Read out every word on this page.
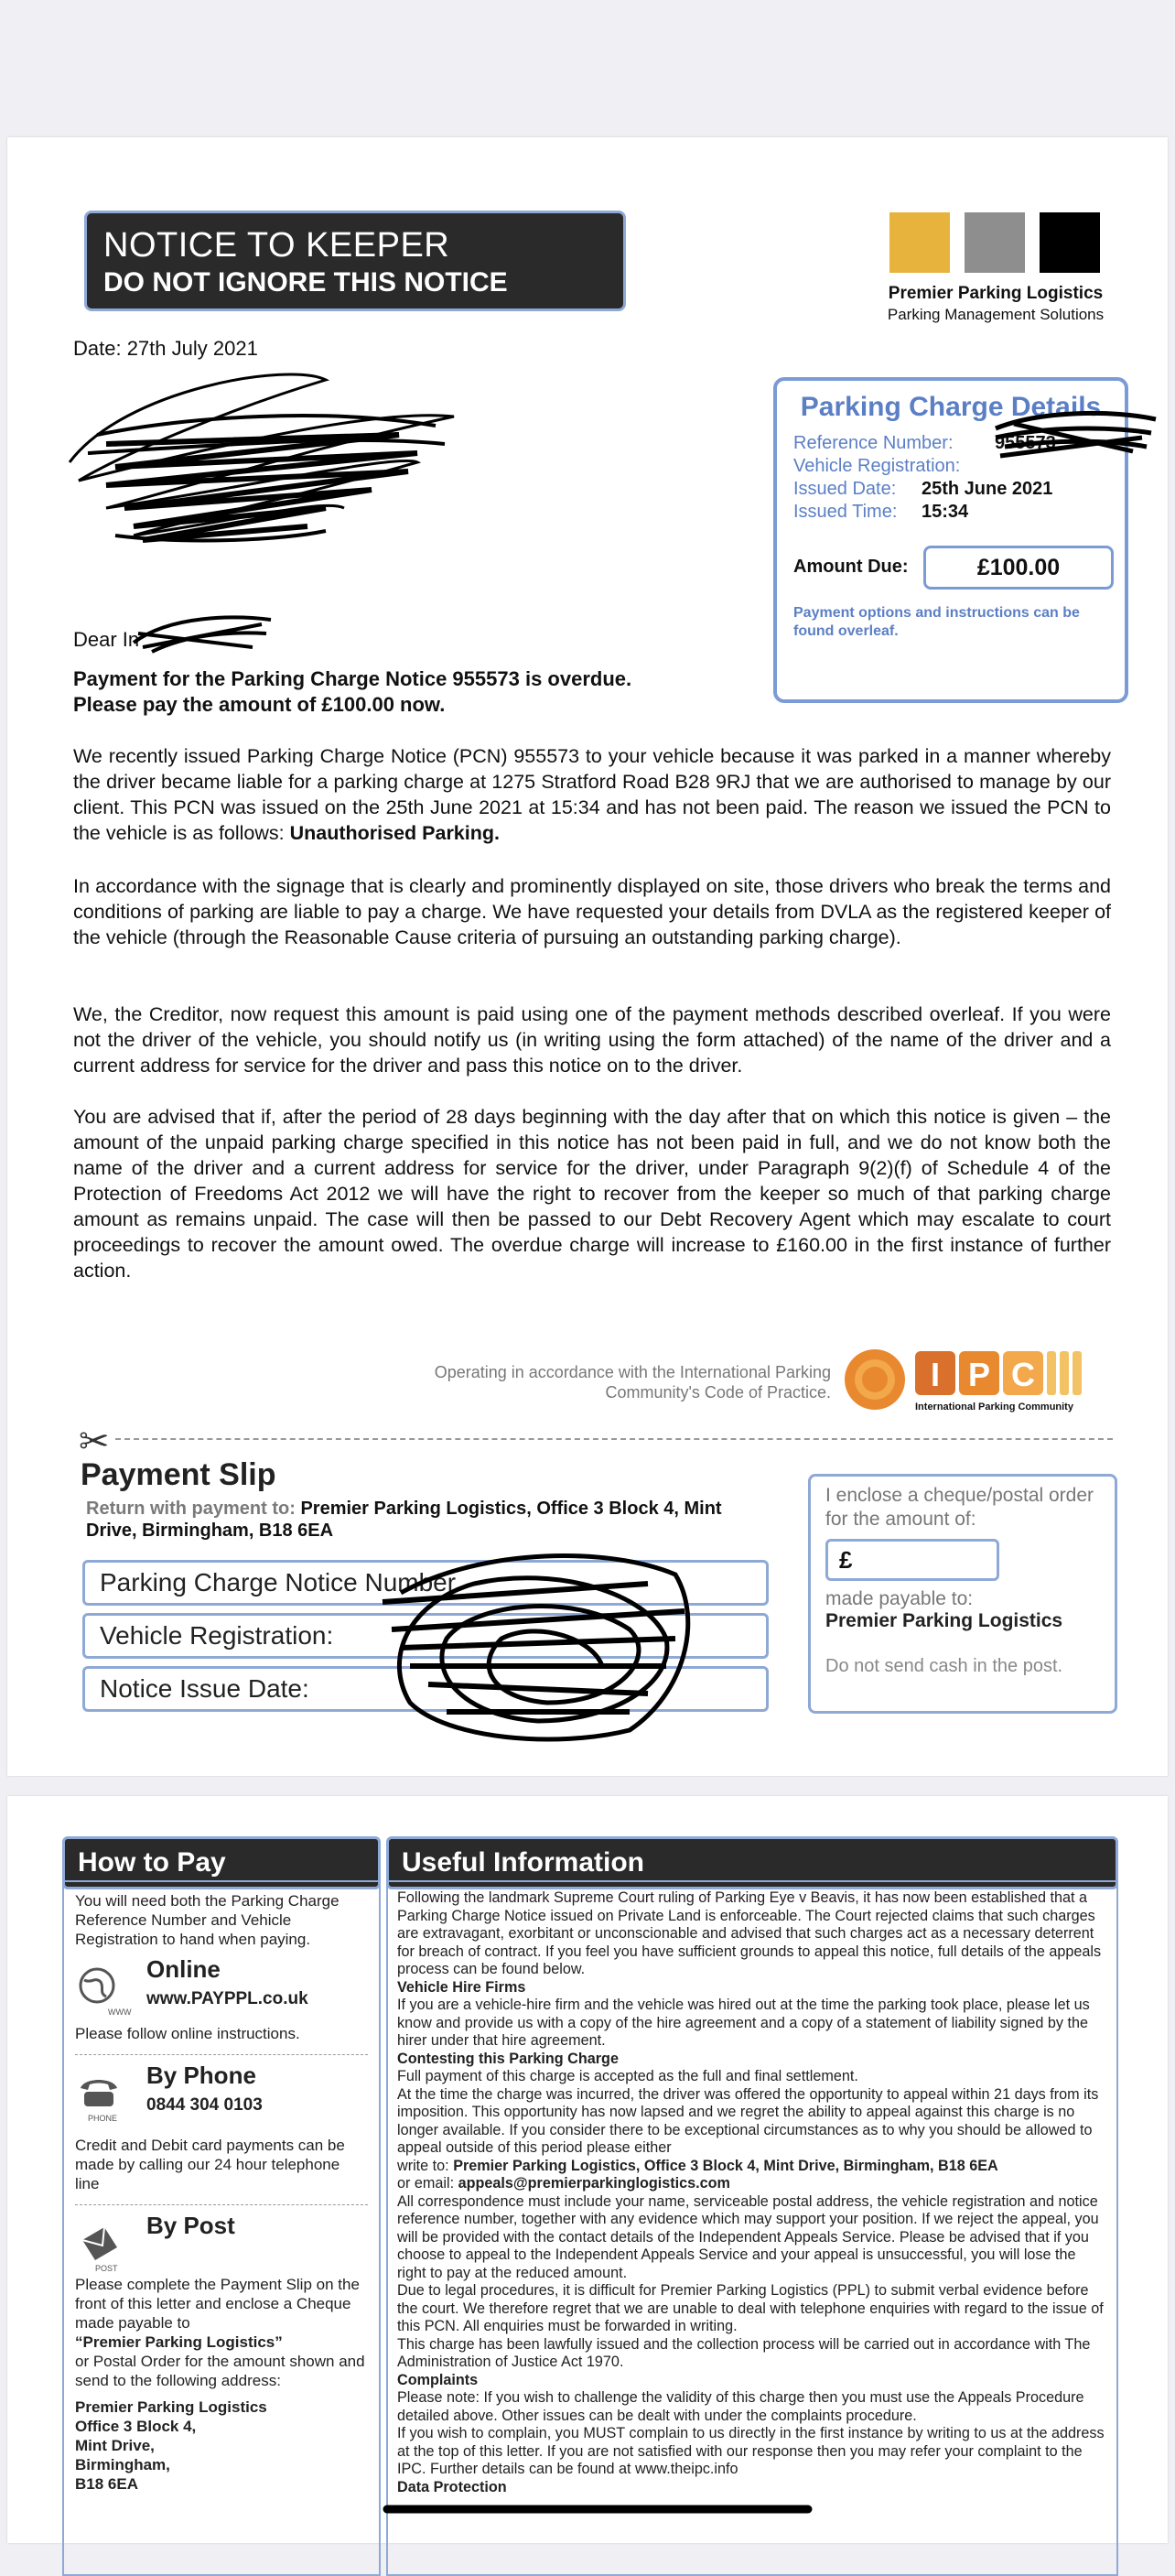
NOTICE TO KEEPER
DO NOT IGNORE THIS NOTICE	Premier Parking Logistics
Parking Management Solutions
Date: 27th July 2021
Parking Charge Details
Reference Number: 955573
Vehicle Registration:
Issued Date: 25th June 2021
Issued Time: 15:34
Amount Due:	£100.00
Payment options and instructions can be found overleaf.
Dear In
Payment for the Parking Charge Notice 955573 is overdue.
Please pay the amount of £100.00 now.
We recently issued Parking Charge Notice (PCN) 955573 to your vehicle because it was parked in a manner whereby the driver became liable for a parking charge at 1275 Stratford Road B28 9RJ that we are authorised to manage by our client. This PCN was issued on the 25th June 2021 at 15:34 and has not been paid. The reason we issued the PCN to the vehicle is as follows: Unauthorised Parking.
In accordance with the signage that is clearly and prominently displayed on site, those drivers who break the terms and conditions of parking are liable to pay a charge. We have requested your details from DVLA as the registered keeper of the vehicle (through the Reasonable Cause criteria of pursuing an outstanding parking charge).
We, the Creditor, now request this amount is paid using one of the payment methods described overleaf. If you were not the driver of the vehicle, you should notify us (in writing using the form attached) of the name of the driver and a current address for service for the driver and pass this notice on to the driver.
You are advised that if, after the period of 28 days beginning with the day after that on which this notice is given – the amount of the unpaid parking charge specified in this notice has not been paid in full, and we do not know both the name of the driver and a current address for service for the driver, under Paragraph 9(2)(f) of Schedule 4 of the Protection of Freedoms Act 2012 we will have the right to recover from the keeper so much of that parking charge amount as remains unpaid. The case will then be passed to our Debt Recovery Agent which may escalate to court proceedings to recover the amount owed. The overdue charge will increase to £160.00 in the first instance of further action.
Operating in accordance with the International Parking Community's Code of Practice.	I P C
International Parking Community
✂
Payment Slip
Return with payment to: Premier Parking Logistics, Office 3 Block 4, Mint Drive, Birmingham, B18 6EA
Parking Charge Notice Number
Vehicle Registration:
Notice Issue Date:
I enclose a cheque/postal order for the amount of:
£
made payable to:
Premier Parking Logistics
Do not send cash in the post.
How to Pay	Useful Information
You will need both the Parking Charge Reference Number and Vehicle Registration to hand when paying.
WWW
Online
www.PAYPPL.co.uk
Please follow online instructions.
PHONE
By Phone
0844 304 0103
Credit and Debit card payments can be made by calling our 24 hour telephone line
POST
By Post
Please complete the Payment Slip on the front of this letter and enclose a Cheque made payable to
“Premier Parking Logistics”
or Postal Order for the amount shown and send to the following address:
Premier Parking Logistics
Office 3 Block 4,
Mint Drive,
Birmingham,
B18 6EA
Following the landmark Supreme Court ruling of Parking Eye v Beavis, it has now been established that a Parking Charge Notice issued on Private Land is enforceable. The Court rejected claims that such charges are extravagant, exorbitant or unconscionable and advised that such charges act as a necessary deterrent for breach of contract. If you feel you have sufficient grounds to appeal this notice, full details of the appeals process can be found below.
Vehicle Hire Firms
If you are a vehicle-hire firm and the vehicle was hired out at the time the parking took place, please let us know and provide us with a copy of the hire agreement and a copy of a statement of liability signed by the hirer under that hire agreement.
Contesting this Parking Charge
Full payment of this charge is accepted as the full and final settlement.
At the time the charge was incurred, the driver was offered the opportunity to appeal within 21 days from its imposition. This opportunity has now lapsed and we regret the ability to appeal against this charge is no longer available. If you consider there to be exceptional circumstances as to why you should be allowed to appeal outside of this period please either
write to: Premier Parking Logistics, Office 3 Block 4, Mint Drive, Birmingham, B18 6EA
or email: appeals@premierparkinglogistics.com
All correspondence must include your name, serviceable postal address, the vehicle registration and notice reference number, together with any evidence which may support your position. If we reject the appeal, you will be provided with the contact details of the Independent Appeals Service. Please be advised that if you choose to appeal to the Independent Appeals Service and your appeal is unsuccessful, you will lose the right to pay at the reduced amount.
Due to legal procedures, it is difficult for Premier Parking Logistics (PPL) to submit verbal evidence before the court. We therefore regret that we are unable to deal with telephone enquiries with regard to the issue of this PCN. All enquiries must be forwarded in writing.
This charge has been lawfully issued and the collection process will be carried out in accordance with The Administration of Justice Act 1970.
Complaints
Please note: If you wish to challenge the validity of this charge then you must use the Appeals Procedure detailed above. Other issues can be dealt with under the complaints procedure.
If you wish to complain, you MUST complain to us directly in the first instance by writing to us at the address at the top of this letter. If you are not satisfied with our response then you may refer your complaint to the IPC. Further details can be found at www.theipc.info
Data Protection
